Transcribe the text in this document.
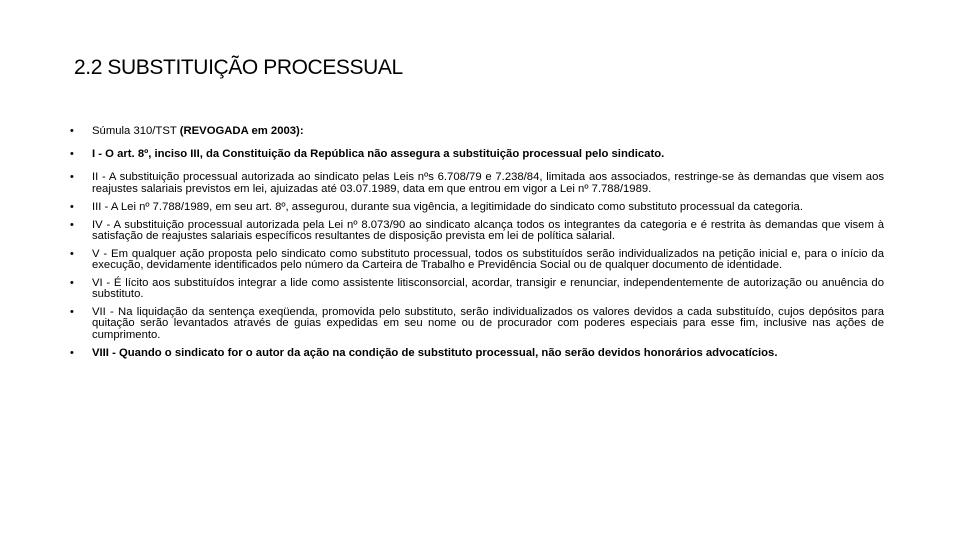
2.2 SUBSTITUIÇÃO PROCESSUAL
• Súmula 310/TST (REVOGADA em 2003):
• I - O art. 8º, inciso III, da Constituição da República não assegura a substituição processual pelo sindicato.
• II - A substituição processual autorizada ao sindicato pelas Leis nºs 6.708/79 e 7.238/84, limitada aos associados, restringe-se às demandas que visem aos reajustes salariais previstos em lei, ajuizadas até 03.07.1989, data em que entrou em vigor a Lei nº 7.788/1989.
• III - A Lei nº 7.788/1989, em seu art. 8º, assegurou, durante sua vigência, a legitimidade do sindicato como substituto processual da categoria.
• IV - A substituição processual autorizada pela Lei nº 8.073/90 ao sindicato alcança todos os integrantes da categoria e é restrita às demandas que visem à satisfação de reajustes salariais específicos resultantes de disposição prevista em lei de política salarial.
• V - Em qualquer ação proposta pelo sindicato como substituto processual, todos os substituídos serão individualizados na petição inicial e, para o início da execução, devidamente identificados pelo número da Carteira de Trabalho e Previdência Social ou de qualquer documento de identidade.
• VI - É lícito aos substituídos integrar a lide como assistente litisconsorcial, acordar, transigir e renunciar, independentemente de autorização ou anuência do substituto.
• VII - Na liquidação da sentença exeqüenda, promovida pelo substituto, serão individualizados os valores devidos a cada substituído, cujos depósitos para quitação serão levantados através de guias expedidas em seu nome ou de procurador com poderes especiais para esse fim, inclusive nas ações de cumprimento.
• VIII - Quando o sindicato for o autor da ação na condição de substituto processual, não serão devidos honorários advocatícios.
